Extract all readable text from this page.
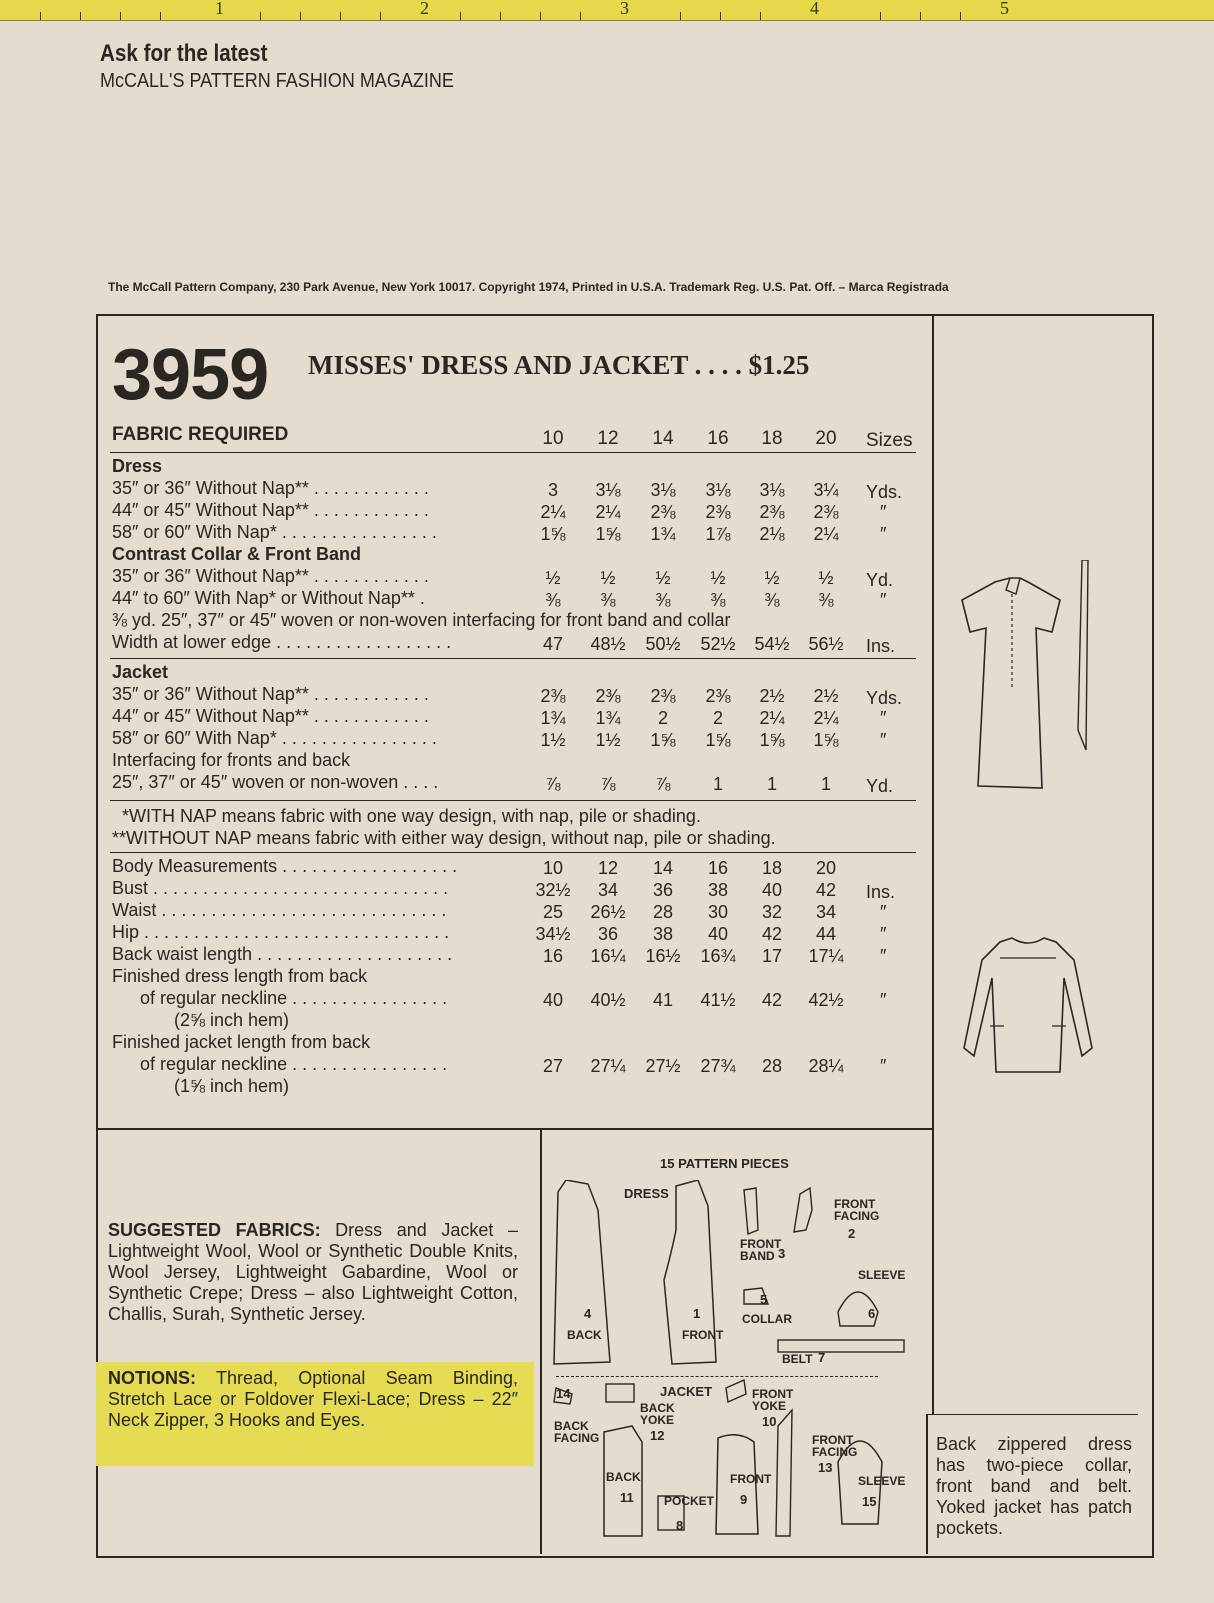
1	2	3	4	5
Ask for the latest
McCALL'S PATTERN FASHION MAGAZINE
The McCall Pattern Company, 230 Park Avenue, New York 10017. Copyright 1974, Printed in U.S.A. Trademark Reg. U.S. Pat. Off. – Marca Registrada
3959 MISSES' DRESS AND JACKET . . . . $1.25
FABRIC REQUIRED	10	12	14	16	18	20	Sizes
Dress
35″ or 36″ Without Nap** . . . . . . . . . . . .	3	3⅛	3⅛	3⅛	3⅛	3¼	Yds.
44″ or 45″ Without Nap** . . . . . . . . . . . .	2¼	2¼	2⅜	2⅜	2⅜	2⅜	″
58″ or 60″ With Nap* . . . . . . . . . . . . . . . .	1⅝	1⅝	1¾	1⅞	2⅛	2¼	″
Contrast Collar & Front Band
35″ or 36″ Without Nap** . . . . . . . . . . . .	½	½	½	½	½	½	Yd.
44″ to 60″ With Nap* or Without Nap** .	⅜	⅜	⅜	⅜	⅜	⅜	″
⅜ yd. 25″, 37″ or 45″ woven or non-woven interfacing for front band and collar
Width at lower edge . . . . . . . . . . . . . . . . . .	47	48½	50½	52½	54½	56½	Ins.
Jacket
35″ or 36″ Without Nap** . . . . . . . . . . . .	2⅜	2⅜	2⅜	2⅜	2½	2½	Yds.
44″ or 45″ Without Nap** . . . . . . . . . . . .	1¾	1¾	2	2	2¼	2¼	″
58″ or 60″ With Nap* . . . . . . . . . . . . . . . .	1½	1½	1⅝	1⅝	1⅝	1⅝	″
Interfacing for fronts and back
25″, 37″ or 45″ woven or non-woven . . . .	⅞	⅞	⅞	1	1	1	Yd.
*WITH NAP means fabric with one way design, with nap, pile or shading.
**WITHOUT NAP means fabric with either way design, without nap, pile or shading.
Body Measurements . . . . . . . . . . . . . . . . . .	10	12	14	16	18	20
Bust . . . . . . . . . . . . . . . . . . . . . . . . . . . . . .	32½	34	36	38	40	42	Ins.
Waist . . . . . . . . . . . . . . . . . . . . . . . . . . . . .	25	26½	28	30	32	34	″
Hip . . . . . . . . . . . . . . . . . . . . . . . . . . . . . . .	34½	36	38	40	42	44	″
Back waist length . . . . . . . . . . . . . . . . . . . .	16	16¼	16½	16¾	17	17¼	″
Finished dress length from back
of regular neckline . . . . . . . . . . . . . . . .	40	40½	41	41½	42	42½	″
(2⅝ inch hem)
Finished jacket length from back
of regular neckline . . . . . . . . . . . . . . . .	27	27¼	27½	27¾	28	28¼	″
(1⅝ inch hem)
SUGGESTED FABRICS: Dress and Jacket – Lightweight Wool, Wool or Synthetic Double Knits, Wool Jersey, Lightweight Gabardine, Wool or Synthetic Crepe; Dress – also Lightweight Cotton, Challis, Surah, Synthetic Jersey.
NOTIONS: Thread, Optional Seam Binding, Stretch Lace or Foldover Flexi-Lace; Dress – 22″ Neck Zipper, 3 Hooks and Eyes.
15 PATTERN PIECES
DRESS
JACKET
4
BACK
1
FRONT
FRONT BAND 3
FRONT FACING
2
5
COLLAR
SLEEVE
6
BELT 7
14
BACK FACING
BACK YOKE
12
FRONT YOKE
10
BACK
11	POCKET
8
FRONT
9
FRONT FACING
13
SLEEVE
15
Back zippered dress has two-piece collar, front band and belt. Yoked jacket has patch pockets.
